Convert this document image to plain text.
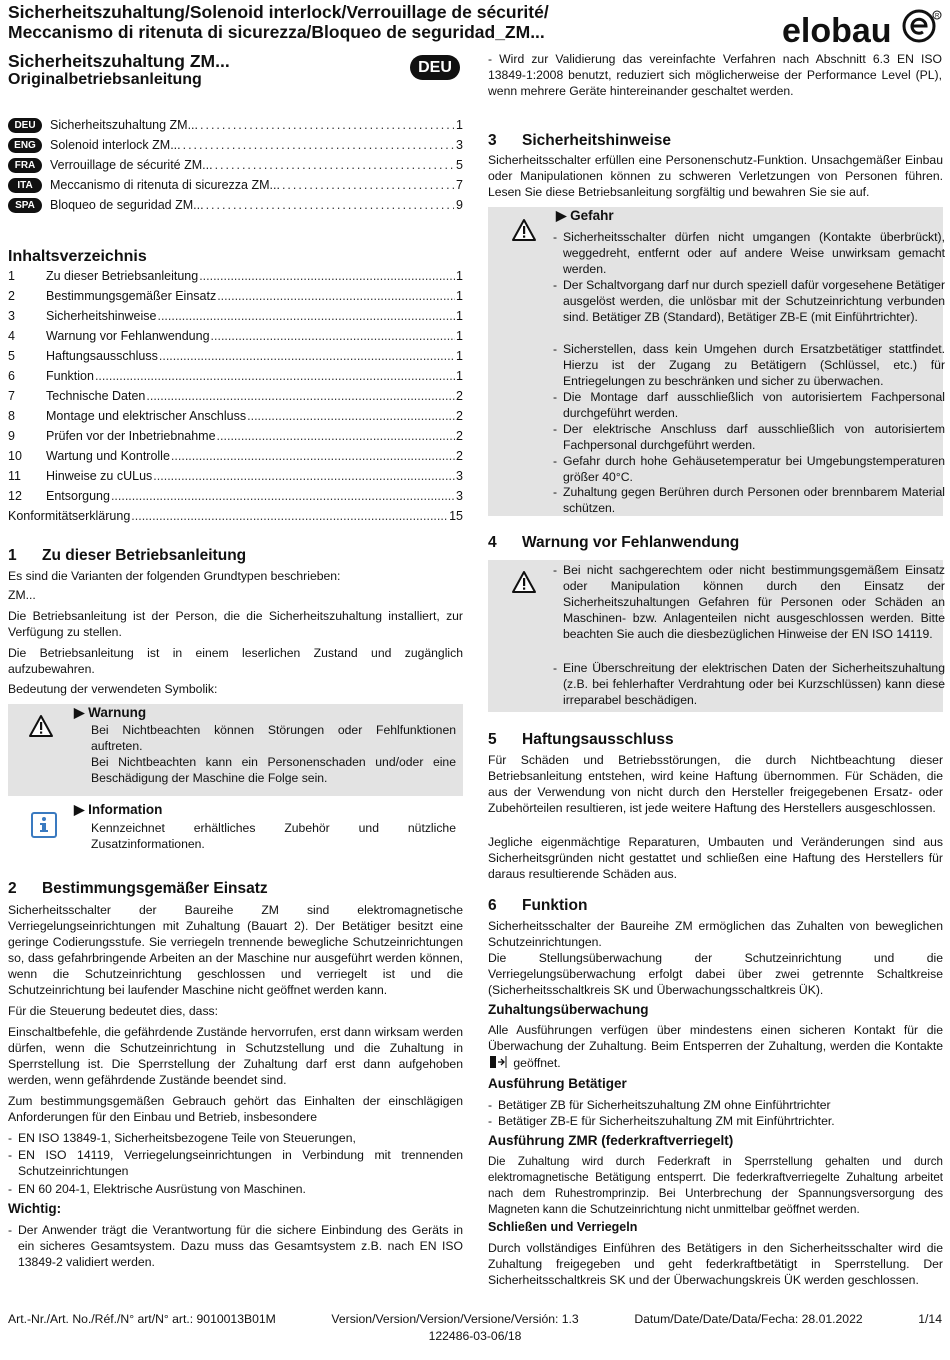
Sicherheitszuhaltung/Solenoid interlock/Verrouillage de sécurité/
Meccanismo di ritenuta di sicurezza/Bloqueo de seguridad_ZM...	elobau	R
Sicherheitszuhaltung ZM...
Originalbetriebsanleitung
DEU	- Wird zur Validierung das vereinfachte Verfahren nach Abschnitt 6.3 EN ISO 13849-1:2008 benutzt, reduziert sich möglicherweise der Performance Level (PL), wenn mehrere Geräte hintereinander geschaltet werden.
DEU	Sicherheitszuhaltung ZM... .....	1
ENG	Solenoid interlock ZM... .....	3
FRA	Verrouillage de sécurité ZM... .....	5
ITA	Meccanismo di ritenuta di sicurezza ZM... .....	7
SPA	Bloqueo de seguridad ZM... .....	9
Inhaltsverzeichnis
1	Zu dieser Betriebsanleitung .....	1
2	Bestimmungsgemäßer Einsatz .....	1
3	Sicherheitshinweise .....	1
4	Warnung vor Fehlanwendung .....	1
5	Haftungsausschluss .....	1
6	Funktion .....	1
7	Technische Daten .....	2
8	Montage und elektrischer Anschluss .....	2
9	Prüfen vor der Inbetriebnahme .....	2
10	Wartung und Kontrolle .....	2
11	Hinweise zu cULus .....	3
12	Entsorgung .....	3
Konformitätserklärung .....	15
1 Zu dieser Betriebsanleitung
Es sind die Varianten der folgenden Grundtypen beschrieben:
ZM...
Die Betriebsanleitung ist der Person, die die Sicherheitszuhaltung installiert, zur Verfügung zu stellen.
Die Betriebsanleitung ist in einem leserlichen Zustand und zugänglich aufzubewahren.
Bedeutung der verwendeten Symbolik:
▶ Warnung
Bei Nichtbeachten können Störungen oder Fehlfunktionen auftreten.
Bei Nichtbeachten kann ein Personenschaden und/oder eine Beschädigung der Maschine die Folge sein.
▶ Information
Kennzeichnet erhältliches Zubehör und nützliche Zusatzinformationen.
2 Bestimmungsgemäßer Einsatz
Sicherheitsschalter der Baureihe ZM sind elektromagnetische Verriegelungseinrichtungen mit Zuhaltung (Bauart 2). Der Betätiger besitzt eine geringe Codierungsstufe. Sie verriegeln trennende bewegliche Schutzeinrichtungen so, dass gefahrbringende Arbeiten an der Maschine nur ausgeführt werden können, wenn die Schutzeinrichtung geschlossen und verriegelt ist und die Schutzeinrichtung bei laufender Maschine nicht geöffnet werden kann.
Für die Steuerung bedeutet dies, dass:
Einschaltbefehle, die gefährdende Zustände hervorrufen, erst dann wirksam werden dürfen, wenn die Schutzeinrichtung in Schutzstellung und die Zuhaltung in Sperrstellung ist. Die Sperrstellung der Zuhaltung darf erst dann aufgehoben werden, wenn gefährdende Zustände beendet sind.
Zum bestimmungsgemäßen Gebrauch gehört das Einhalten der einschlägigen Anforderungen für den Einbau und Betrieb, insbesondere
- EN ISO 13849-1, Sicherheitsbezogene Teile von Steuerungen,
- EN ISO 14119, Verriegelungseinrichtungen in Verbindung mit trennenden Schutzeinrichtungen
- EN 60 204-1, Elektrische Ausrüstung von Maschinen.
Wichtig:
- Der Anwender trägt die Verantwortung für die sichere Einbindung des Geräts in ein sicheres Gesamtsystem. Dazu muss das Gesamtsystem z.B. nach EN ISO 13849-2 validiert werden.
3 Sicherheitshinweise
Sicherheitsschalter erfüllen eine Personenschutz-Funktion. Unsachgemäßer Einbau oder Manipulationen können zu schweren Verletzungen von Personen führen. Lesen Sie diese Betriebsanleitung sorgfältig und bewahren Sie sie auf.
▶ Gefahr
- Sicherheitsschalter dürfen nicht umgangen (Kontakte überbrückt), weggedreht, entfernt oder auf andere Weise unwirksam gemacht werden.
- Der Schaltvorgang darf nur durch speziell dafür vorgesehene Betätiger ausgelöst werden, die unlösbar mit der Schutzeinrichtung verbunden sind. Betätiger ZB (Standard), Betätiger ZB-E (mit Einführtrichter).
- Sicherstellen, dass kein Umgehen durch Ersatzbetätiger stattfindet. Hierzu ist der Zugang zu Betätigern (Schlüssel, etc.) für Entriegelungen zu beschränken und sicher zu überwachen.
- Die Montage darf ausschließlich von autorisiertem Fachpersonal durchgeführt werden.
- Der elektrische Anschluss darf ausschließlich von autorisiertem Fachpersonal durchgeführt werden.
- Gefahr durch hohe Gehäusetemperatur bei Umgebungstemperaturen größer 40°C.
- Zuhaltung gegen Berühren durch Personen oder brennbarem Material schützen.
4 Warnung vor Fehlanwendung
- Bei nicht sachgerechtem oder nicht bestimmungsgemäßem Einsatz oder Manipulation können durch den Einsatz der Sicherheitszuhaltungen Gefahren für Personen oder Schäden an Maschinen- bzw. Anlagenteilen nicht ausgeschlossen werden. Bitte beachten Sie auch die diesbezüglichen Hinweise der EN ISO 14119.
- Eine Überschreitung der elektrischen Daten der Sicherheitszuhaltung (z.B. bei fehlerhafter Verdrahtung oder bei Kurzschlüssen) kann diese irreparabel beschädigen.
5 Haftungsausschluss
Für Schäden und Betriebsstörungen, die durch Nichtbeachtung dieser Betriebsanleitung entstehen, wird keine Haftung übernommen. Für Schäden, die aus der Verwendung von nicht durch den Hersteller freigegebenen Ersatz- oder Zubehörteilen resultieren, ist jede weitere Haftung des Herstellers ausgeschlossen.
Jegliche eigenmächtige Reparaturen, Umbauten und Veränderungen sind aus Sicherheitsgründen nicht gestattet und schließen eine Haftung des Herstellers für daraus resultierende Schäden aus.
6 Funktion
Sicherheitsschalter der Baureihe ZM ermöglichen das Zuhalten von beweglichen Schutzeinrichtungen.
Die Stellungsüberwachung der Schutzeinrichtung und die Verriegelungsüberwachung erfolgt dabei über zwei getrennte Schaltkreise (Sicherheitsschaltkreis SK und Überwachungsschaltkreis ÜK).
Zuhaltungsüberwachung
Alle Ausführungen verfügen über mindestens einen sicheren Kontakt für die Überwachung der Zuhaltung. Beim Entsperren der Zuhaltung, werden die Kontakte  geöffnet.
Ausführung Betätiger
- Betätiger ZB für Sicherheitszuhaltung ZM ohne Einführtrichter
- Betätiger ZB-E für Sicherheitszuhaltung ZM mit Einführtrichter.
Ausführung ZMR (federkraftverriegelt)
Die Zuhaltung wird durch Federkraft in Sperrstellung gehalten und durch elektromagnetische Betätigung entsperrt. Die federkraftverriegelte Zuhaltung arbeitet nach dem Ruhestromprinzip. Bei Unterbrechung der Spannungsversorgung des Magneten kann die Schutzeinrichtung nicht unmittelbar geöffnet werden.
Schließen und Verriegeln
Durch vollständiges Einführen des Betätigers in den Sicherheitsschalter wird die Zuhaltung freigegeben und geht federkraftbetätigt in Sperrstellung. Der Sicherheitsschaltkreis SK und der Überwachungskreis ÜK werden geschlossen.
Art.-Nr./Art. No./Réf./N° art/N° art.: 9010013B01M	Version/Version/Version/Versione/Versión: 1.3	Datum/Date/Date/Data/Fecha: 28.01.2022	1/14
122486-03-06/18
